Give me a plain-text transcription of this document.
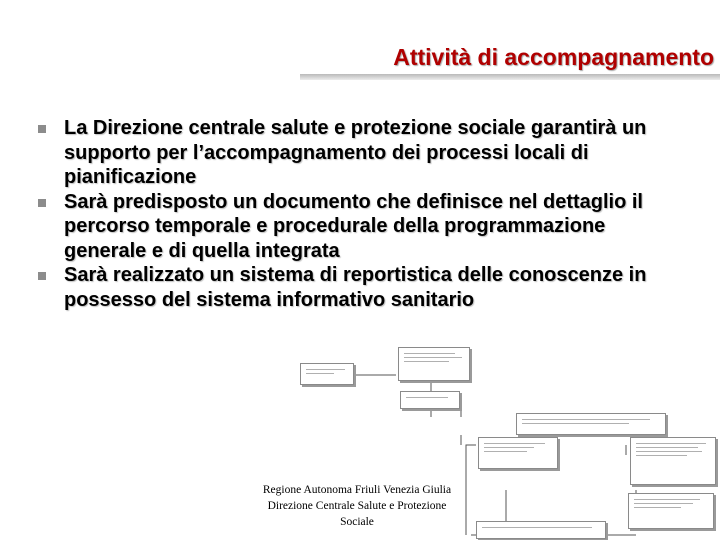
Attività di accompagnamento
La Direzione centrale salute e protezione sociale garantirà un supporto per l’accompagnamento dei processi locali di pianificazione
Sarà predisposto un documento che definisce nel dettaglio il percorso temporale e procedurale della programmazione generale e di quella integrata
Sarà realizzato un sistema di reportistica delle conoscenze in possesso del sistema informativo sanitario
Regione Autonoma Friuli Venezia Giulia
Direzione Centrale Salute e Protezione
Sociale
